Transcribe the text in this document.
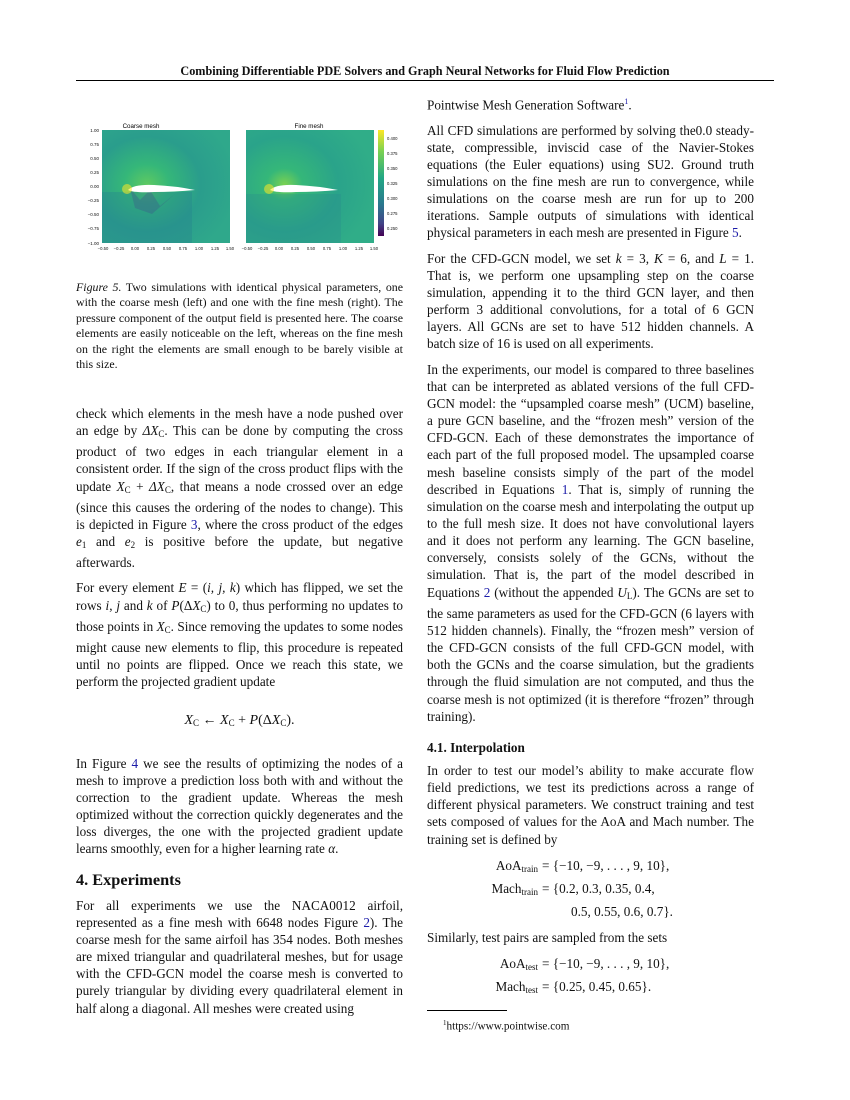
Combining Differentiable PDE Solvers and Graph Neural Networks for Fluid Flow Prediction
Coarse mesh
1.00
0.75
0.50
0.25
0.00
−0.25
−0.50
−0.75
−1.00
−0.50 −0.25 0.00 0.25 0.50 0.75 1.00 1.25 1.50
Fine mesh
−0.50 −0.25 0.00 0.25 0.50 0.75 1.00 1.25 1.50
0.400
0.375
0.350
0.325
0.300
0.275
0.250
Figure 5. Two simulations with identical physical parameters, one with the coarse mesh (left) and one with the fine mesh (right). The pressure component of the output field is presented here. The coarse elements are easily noticeable on the left, whereas on the fine mesh on the right the elements are small enough to be barely visible at this size.

check which elements in the mesh have a node pushed over an edge by ΔXC. This can be done by computing the cross product of two edges in each triangular element in a consistent order. If the sign of the cross product flips with the update XC + ΔXC, that means a node crossed over an edge (since this causes the ordering of the nodes to change). This is depicted in Figure 3, where the cross product of the edges e1 and e2 is positive before the update, but negative afterwards.

For every element E = (i, j, k) which has flipped, we set the rows i, j and k of P(ΔXC) to 0, thus performing no updates to those points in XC. Since removing the updates to some nodes might cause new elements to flip, this procedure is repeated until no points are flipped. Once we reach this state, we perform the projected gradient update

XC ← XC + P(ΔXC).

In Figure 4 we see the results of optimizing the nodes of a mesh to improve a prediction loss both with and without the correction to the gradient update. Whereas the mesh optimized without the correction quickly degenerates and the loss diverges, the one with the projected gradient update learns smoothly, even for a higher learning rate α.

4. Experiments

For all experiments we use the NACA0012 airfoil, represented as a fine mesh with 6648 nodes Figure 2). The coarse mesh for the same airfoil has 354 nodes. Both meshes are mixed triangular and quadrilateral meshes, but for usage with the CFD-GCN model the coarse mesh is converted to purely triangular by dividing every quadrilateral element in half along a diagonal. All meshes were created using

Pointwise Mesh Generation Software$^1$.

All CFD simulations are performed by solving the0.0 steady-state, compressible, inviscid case of the Navier-Stokes equations (the Euler equations) using SU2. Ground truth simulations on the fine mesh are run to convergence, while simulations on the coarse mesh are run for up to 200 iterations. Sample outputs of simulations with identical physical parameters in each mesh are presented in Figure 5.

For the CFD-GCN model, we set k = 3, K = 6, and L = 1. That is, we perform one upsampling step on the coarse simulation, appending it to the third GCN layer, and then perform 3 additional convolutions, for a total of 6 GCN layers. All GCNs are set to have 512 hidden channels. A batch size of 16 is used on all experiments.

In the experiments, our model is compared to three baselines that can be interpreted as ablated versions of the full CFD-GCN model: the “upsampled coarse mesh” (UCM) baseline, a pure GCN baseline, and the “frozen mesh” version of the CFD-GCN. Each of these demonstrates the importance of each part of the full proposed model. The upsampled coarse mesh baseline consists simply of the part of the model described in Equations 1. That is, simply of running the simulation on the coarse mesh and interpolating the output up to the full mesh size. It does not have convolutional layers and it does not perform any learning. The GCN baseline, conversely, consists solely of the GCNs, without the simulation. That is, the part of the model described in Equations 2 (without the appended UL). The GCNs are set to the same parameters as used for the CFD-GCN (6 layers with 512 hidden channels). Finally, the “frozen mesh” version of the CFD-GCN consists of the full CFD-GCN model, with both the GCNs and the coarse simulation, but the gradients through the fluid simulation are not computed, and thus the coarse mesh is not optimized (it is therefore “frozen” through training).

4.1. Interpolation

In order to test our model’s ability to make accurate flow field predictions, we test its predictions across a range of different physical parameters. We construct training and test sets composed of values for the AoA and Mach number. The training set is defined by

AoAtrain = {−10, −9, . . . , 9, 10},
Machtrain = {0.2, 0.3, 0.35, 0.4,
0.5, 0.55, 0.6, 0.7}.

Similarly, test pairs are sampled from the sets

AoAtest = {−10, −9, . . . , 9, 10},
Machtest = {0.25, 0.45, 0.65}.
$^1$https://www.pointwise.com
